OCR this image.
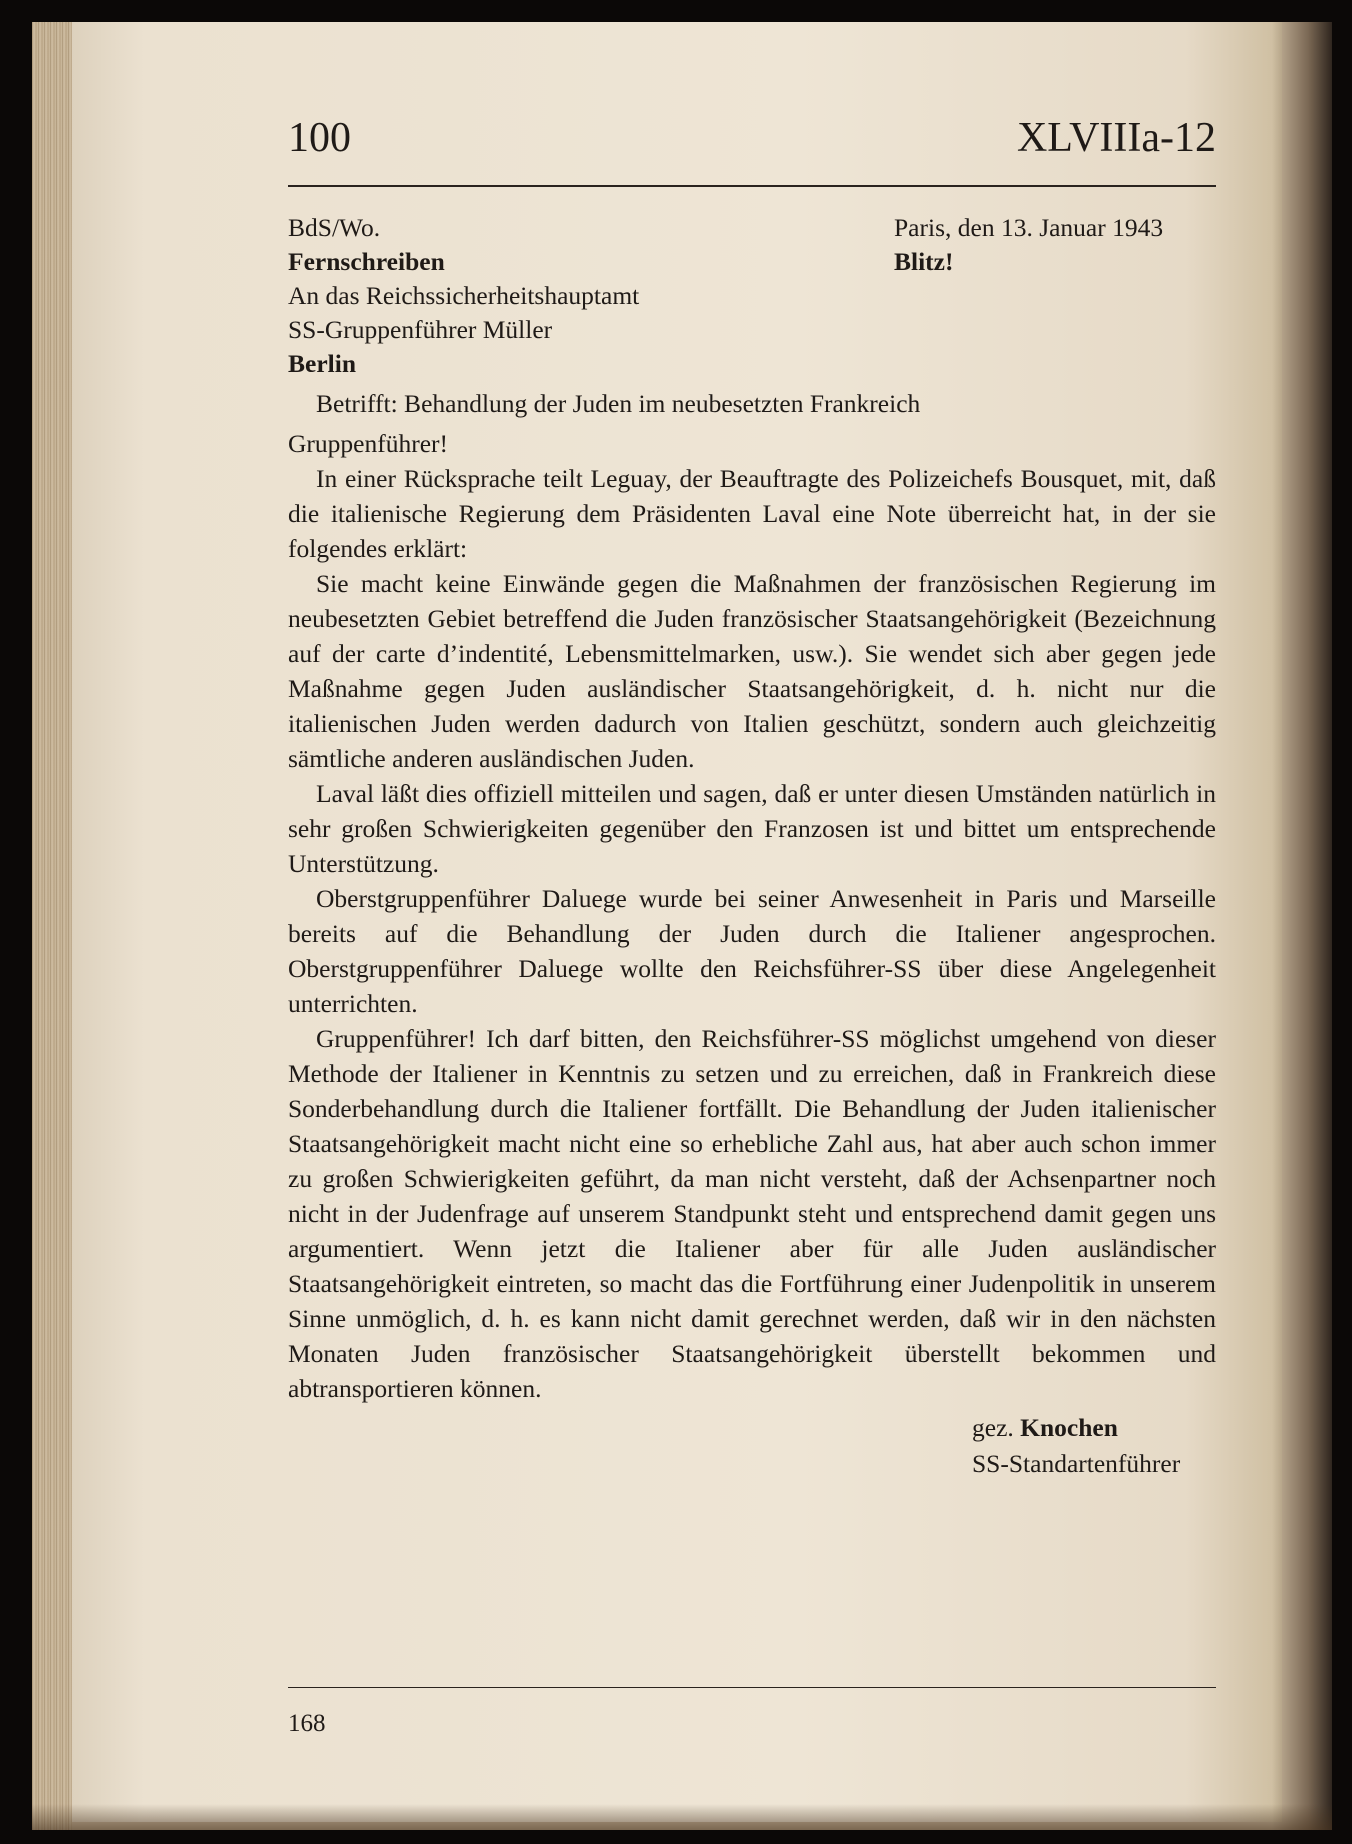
100	XLVIIIa-12
BdS/Wo.	Paris, den 13. Januar 1943
Fernschreiben	Blitz!
An das Reichssicherheitshauptamt
SS-Gruppenführer Müller
Berlin
Betrifft: Behandlung der Juden im neubesetzten Frankreich
Gruppenführer!

In einer Rücksprache teilt Leguay, der Beauftragte des Polizeichefs Bousquet, mit, daß die italienische Regierung dem Präsidenten Laval eine Note überreicht hat, in der sie folgendes erklärt:

Sie macht keine Einwände gegen die Maßnahmen der französischen Regierung im neubesetzten Gebiet betreffend die Juden französischer Staatsangehörigkeit (Bezeichnung auf der carte d’indentité, Lebensmittelmarken, usw.). Sie wendet sich aber gegen jede Maßnahme gegen Juden ausländischer Staatsangehörigkeit, d. h. nicht nur die italienischen Juden werden dadurch von Italien geschützt, sondern auch gleichzeitig sämtliche anderen ausländischen Juden.

Laval läßt dies offiziell mitteilen und sagen, daß er unter diesen Umständen natürlich in sehr großen Schwierigkeiten gegenüber den Franzosen ist und bittet um entsprechende Unterstützung.

Oberstgruppenführer Daluege wurde bei seiner Anwesenheit in Paris und Marseille bereits auf die Behandlung der Juden durch die Italiener angesprochen. Oberstgruppenführer Daluege wollte den Reichsführer-SS über diese Angelegenheit unterrichten.

Gruppenführer! Ich darf bitten, den Reichsführer-SS möglichst umgehend von dieser Methode der Italiener in Kenntnis zu setzen und zu erreichen, daß in Frankreich diese Sonderbehandlung durch die Italiener fortfällt. Die Behandlung der Juden italienischer Staatsangehörigkeit macht nicht eine so erhebliche Zahl aus, hat aber auch schon immer zu großen Schwierigkeiten geführt, da man nicht versteht, daß der Achsenpartner noch nicht in der Judenfrage auf unserem Standpunkt steht und entsprechend damit gegen uns argumentiert. Wenn jetzt die Italiener aber für alle Juden ausländischer Staatsangehörigkeit eintreten, so macht das die Fortführung einer Judenpolitik in unserem Sinne unmöglich, d. h. es kann nicht damit gerechnet werden, daß wir in den nächsten Monaten Juden französischer Staatsangehörigkeit überstellt bekommen und abtransportieren können.

gez. Knochen
SS-Standartenführer
168
